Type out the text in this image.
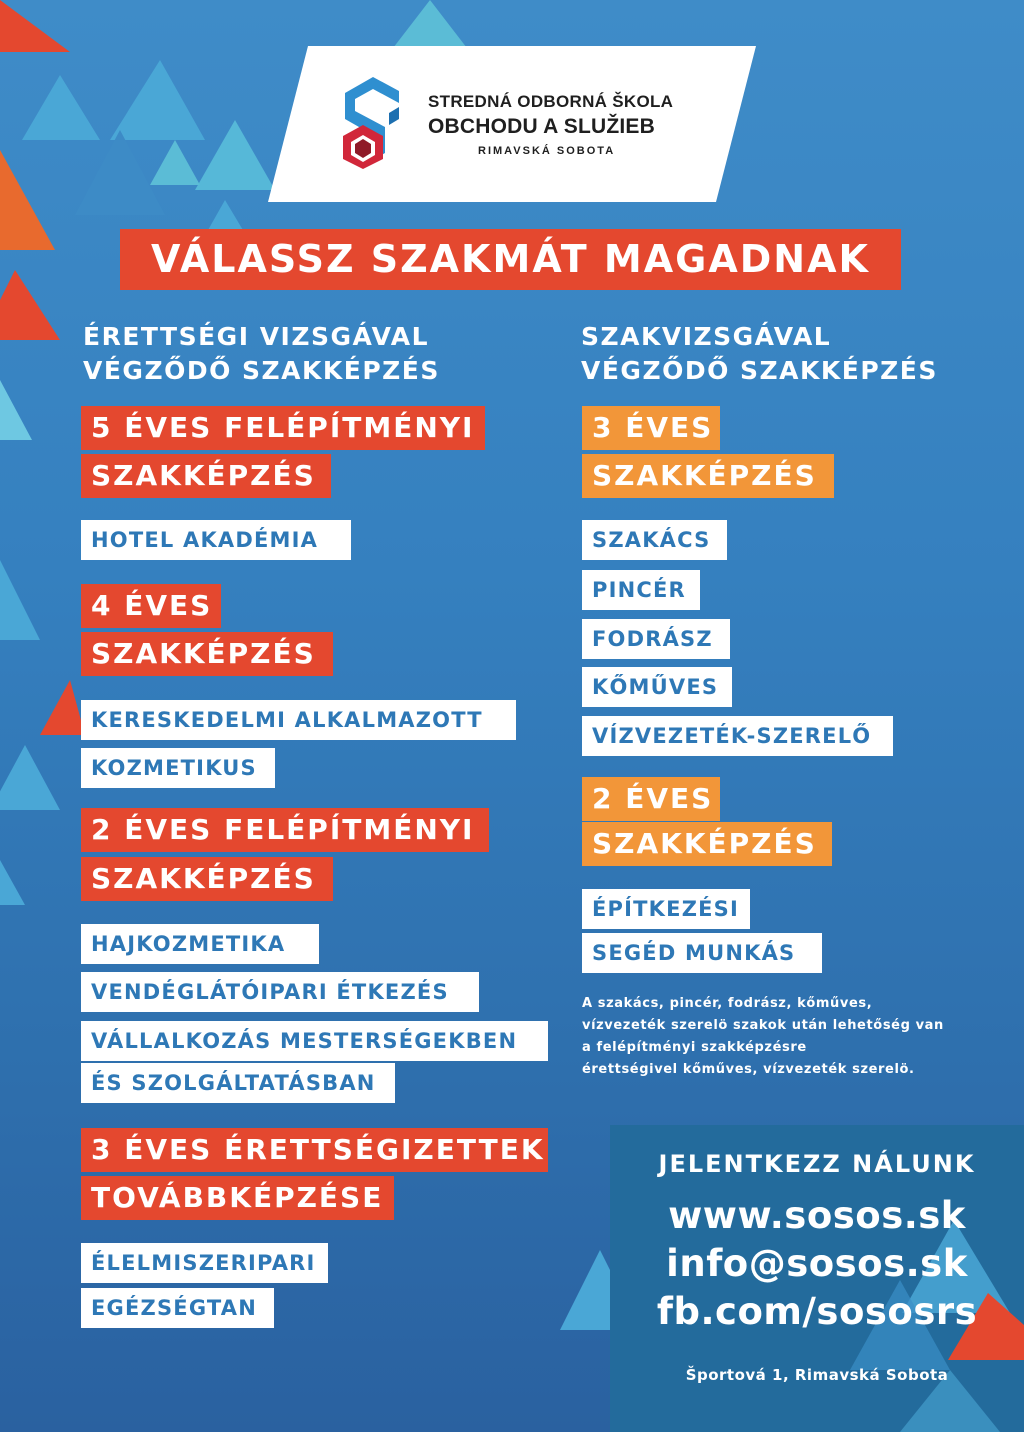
STREDNÁ ODBORNÁ ŠKOLA
OBCHODU A SLUŽIEB
RIMAVSKÁ SOBOTA
VÁLASSZ SZAKMÁT MAGADNAK
ÉRETTSÉGI VIZSGÁVAL
VÉGZŐDŐ SZAKKÉPZÉS
SZAKVIZSGÁVAL
VÉGZŐDŐ SZAKKÉPZÉS
5 ÉVES FELÉPÍTMÉNYI
SZAKKÉPZÉS
HOTEL AKADÉMIA
4 ÉVES
SZAKKÉPZÉS
KERESKEDELMI ALKALMAZOTT
KOZMETIKUS
2 ÉVES FELÉPÍTMÉNYI
SZAKKÉPZÉS
HAJKOZMETIKA
VENDÉGLÁTÓIPARI ÉTKEZÉS
VÁLLALKOZÁS MESTERSÉGEKBEN
ÉS SZOLGÁLTATÁSBAN
3 ÉVES ÉRETTSÉGIZETTEK
TOVÁBBKÉPZÉSE
ÉLELMISZERIPARI
EGÉZSÉGTAN
3 ÉVES
SZAKKÉPZÉS
SZAKÁCS
PINCÉR
FODRÁSZ
KŐMŰVES
VÍZVEZETÉK-SZERELŐ
2 ÉVES
SZAKKÉPZÉS
ÉPÍTKEZÉSI
SEGÉD MUNKÁS
A szakács, pincér, fodrász, kőműves,
vízvezeték szerelö szakok után lehetőség van
a felépítményi szakképzésre
érettségivel kőműves, vízvezeték szerelö.
JELENTKEZZ NÁLUNK
www.sosos.sk
info@sosos.sk
fb.com/sososrs
Športová 1, Rimavská Sobota
